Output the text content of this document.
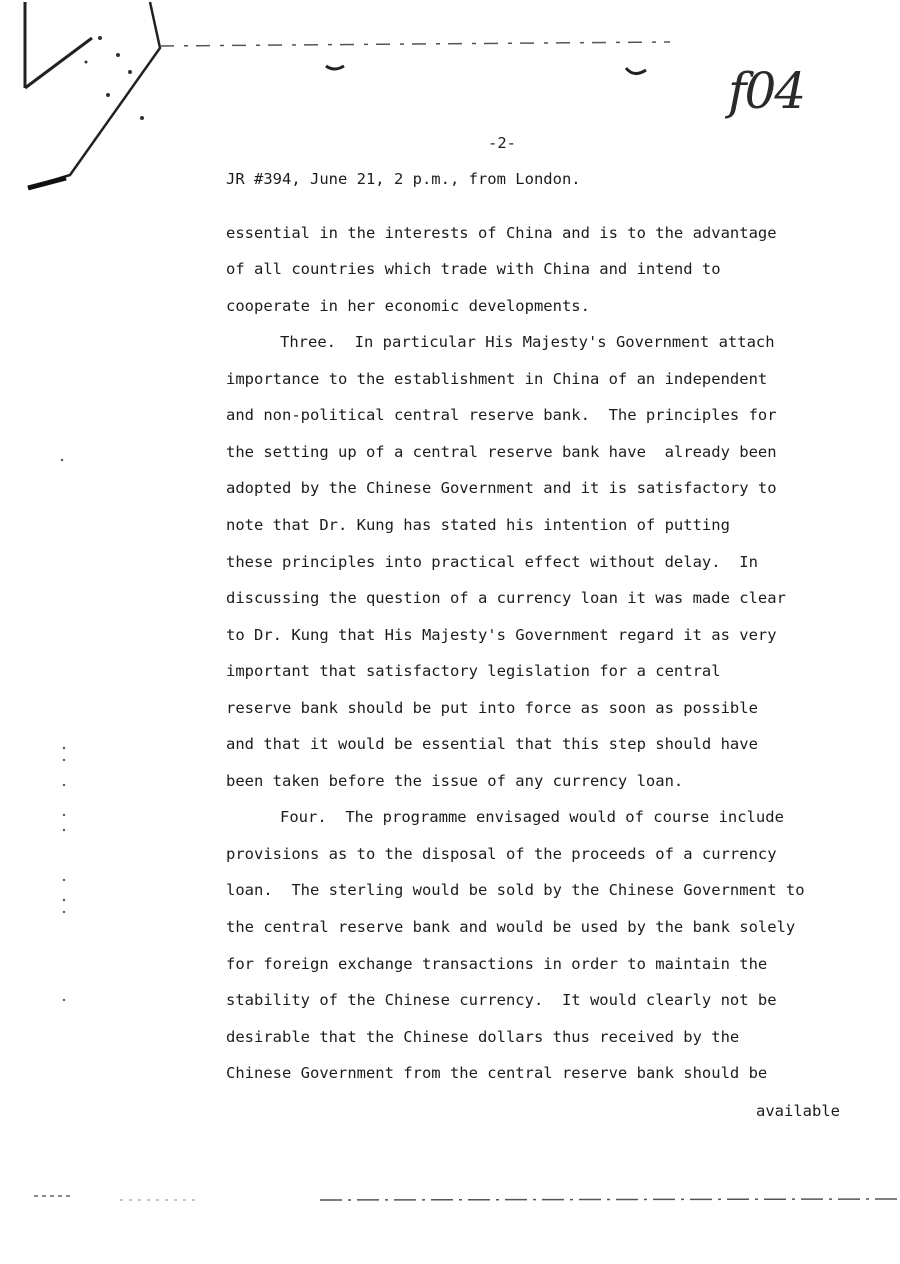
f04
-2-
JR #394, June 21, 2 p.m., from London.
essential in the interests of China and is to the advantage
of all countries which trade with China and intend to
cooperate in her economic developments.
Three.  In particular His Majesty's Government attach
importance to the establishment in China of an independent
and non-political central reserve bank.  The principles for
the setting up of a central reserve bank have  already been
adopted by the Chinese Government and it is satisfactory to
note that Dr. Kung has stated his intention of putting
these principles into practical effect without delay.  In
discussing the question of a currency loan it was made clear
to Dr. Kung that His Majesty's Government regard it as very
important that satisfactory legislation for a central
reserve bank should be put into force as soon as possible
and that it would be essential that this step should have
been taken before the issue of any currency loan.
Four.  The programme envisaged would of course include
provisions as to the disposal of the proceeds of a currency
loan.  The sterling would be sold by the Chinese Government to
the central reserve bank and would be used by the bank solely
for foreign exchange transactions in order to maintain the
stability of the Chinese currency.  It would clearly not be
desirable that the Chinese dollars thus received by the
Chinese Government from the central reserve bank should be
available
